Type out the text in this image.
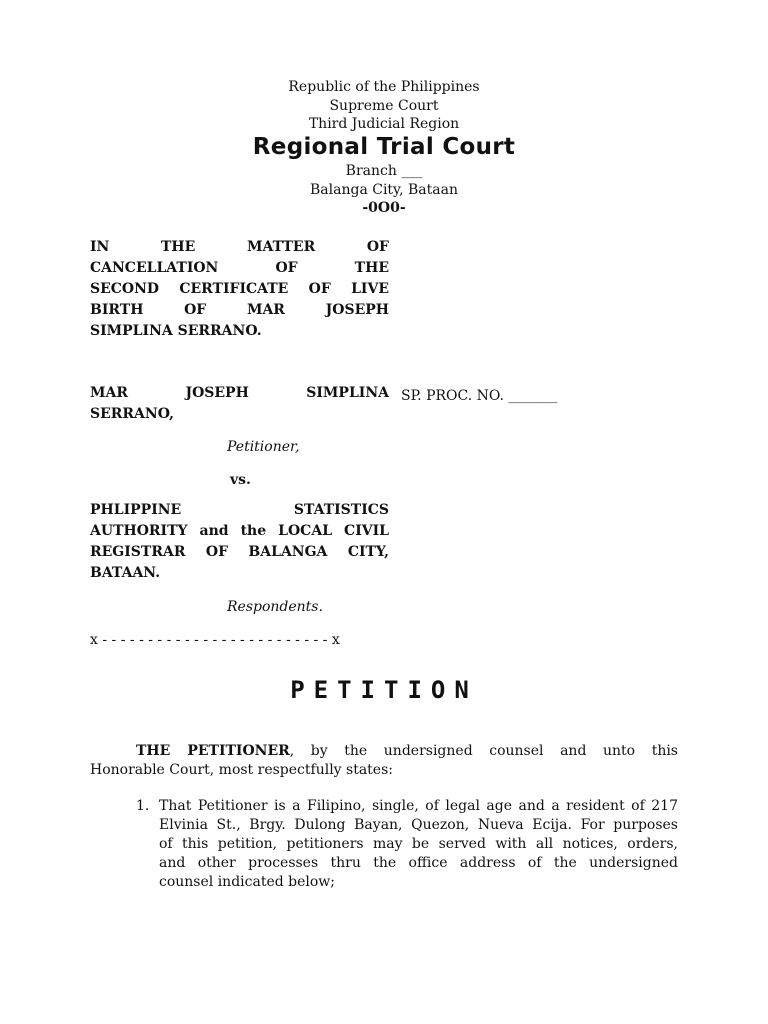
Republic of the Philippines
Supreme Court
Third Judicial Region
Regional Trial Court
Branch ___
Balanga City, Bataan
-0O0-
IN THE MATTER OF
CANCELLATION OF THE
SECOND CERTIFICATE OF LIVE
BIRTH OF MAR JOSEPH
SIMPLINA SERRANO.
MAR JOSEPH SIMPLINA
SERRANO,
SP. PROC. NO. _______
Petitioner,
vs.
PHLIPPINE STATISTICS
AUTHORITY and the LOCAL CIVIL
REGISTRAR OF BALANGA CITY,
BATAAN.
Respondents.
x - - - - - - - - - - - - - - - - - - - - - - - - - x
PETITION
THE PETITIONER, by the undersigned counsel and unto this
Honorable Court, most respectfully states:
1. That Petitioner is a Filipino, single, of legal age and a resident of 217
Elvinia St., Brgy. Dulong Bayan, Quezon, Nueva Ecija. For purposes
of this petition, petitioners may be served with all notices, orders,
and other processes thru the office address of the undersigned
counsel indicated below;
